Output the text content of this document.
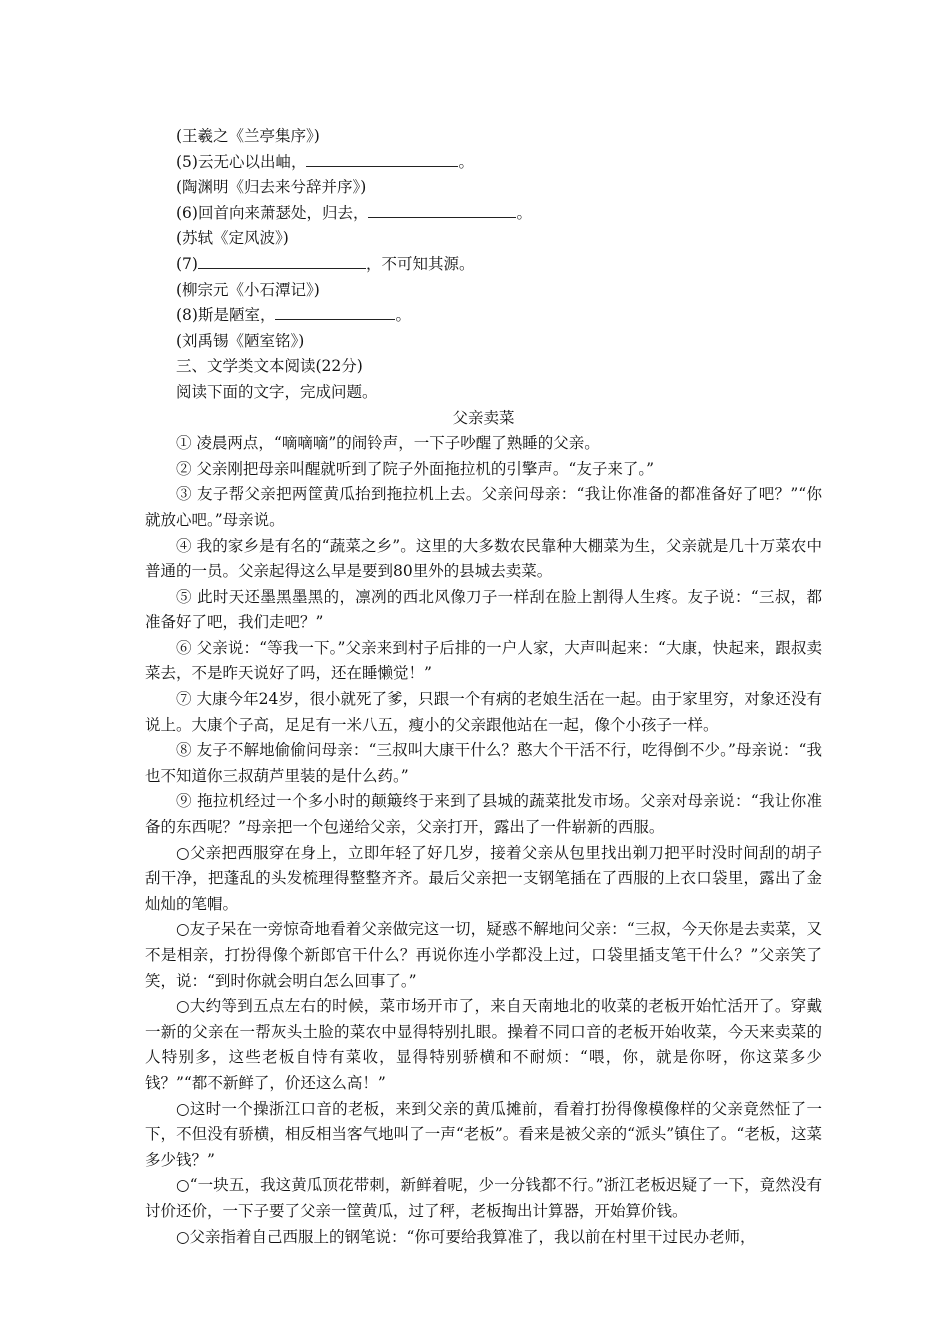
(王羲之《兰亭集序》)

(5)云无心以出岫，	。

(陶渊明《归去来兮辞并序》)

(6)回首向来萧瑟处，归去，	。

(苏轼《定风波》)

(7)	，不可知其源。

(柳宗元《小石潭记》)

(8)斯是陋室，	。

(刘禹锡《陋室铭》)

三、文学类文本阅读(22分)

阅读下面的文字，完成问题。

父亲卖菜

① 凌晨两点，“嘀嘀嘀”的闹铃声，一下子吵醒了熟睡的父亲。

② 父亲刚把母亲叫醒就听到了院子外面拖拉机的引擎声。“友子来了。”

③ 友子帮父亲把两筐黄瓜抬到拖拉机上去。父亲问母亲：“我让你准备的都准备好了吧？”“你就放心吧。”母亲说。

④ 我的家乡是有名的“蔬菜之乡”。这里的大多数农民靠种大棚菜为生，父亲就是几十万菜农中普通的一员。父亲起得这么早是要到80里外的县城去卖菜。

⑤ 此时天还墨黑墨黑的，凛冽的西北风像刀子一样刮在脸上割得人生疼。友子说：“三叔，都准备好了吧，我们走吧？”

⑥ 父亲说：“等我一下。”父亲来到村子后排的一户人家，大声叫起来：“大康，快起来，跟叔卖菜去，不是昨天说好了吗，还在睡懒觉！”

⑦ 大康今年24岁，很小就死了爹，只跟一个有病的老娘生活在一起。由于家里穷，对象还没有说上。大康个子高，足足有一米八五，瘦小的父亲跟他站在一起，像个小孩子一样。

⑧ 友子不解地偷偷问母亲：“三叔叫大康干什么？憨大个干活不行，吃得倒不少。”母亲说：“我也不知道你三叔葫芦里装的是什么药。”

⑨ 拖拉机经过一个多小时的颠簸终于来到了县城的蔬菜批发市场。父亲对母亲说：“我让你准备的东西呢？”母亲把一个包递给父亲，父亲打开，露出了一件崭新的西服。

○父亲把西服穿在身上，立即年轻了好几岁，接着父亲从包里找出剃刀把平时没时间刮的胡子刮干净，把蓬乱的头发梳理得整整齐齐。最后父亲把一支钢笔插在了西服的上衣口袋里，露出了金灿灿的笔帽。

○友子呆在一旁惊奇地看着父亲做完这一切，疑惑不解地问父亲：“三叔，今天你是去卖菜，又不是相亲，打扮得像个新郎官干什么？再说你连小学都没上过，口袋里插支笔干什么？”父亲笑了笑，说：“到时你就会明白怎么回事了。”

○大约等到五点左右的时候，菜市场开市了，来自天南地北的收菜的老板开始忙活开了。穿戴一新的父亲在一帮灰头土脸的菜农中显得特别扎眼。操着不同口音的老板开始收菜，今天来卖菜的人特别多，这些老板自恃有菜收，显得特别骄横和不耐烦：“喂，你，就是你呀，你这菜多少钱？”“都不新鲜了，价还这么高！”

○这时一个操浙江口音的老板，来到父亲的黄瓜摊前，看着打扮得像模像样的父亲竟然怔了一下，不但没有骄横，相反相当客气地叫了一声“老板”。看来是被父亲的“派头”镇住了。“老板，这菜多少钱？”

○“一块五，我这黄瓜顶花带刺，新鲜着呢，少一分钱都不行。”浙江老板迟疑了一下，竟然没有讨价还价，一下子要了父亲一筐黄瓜，过了秤，老板掏出计算器，开始算价钱。

○父亲指着自己西服上的钢笔说：“你可要给我算准了，我以前在村里干过民办老师，
